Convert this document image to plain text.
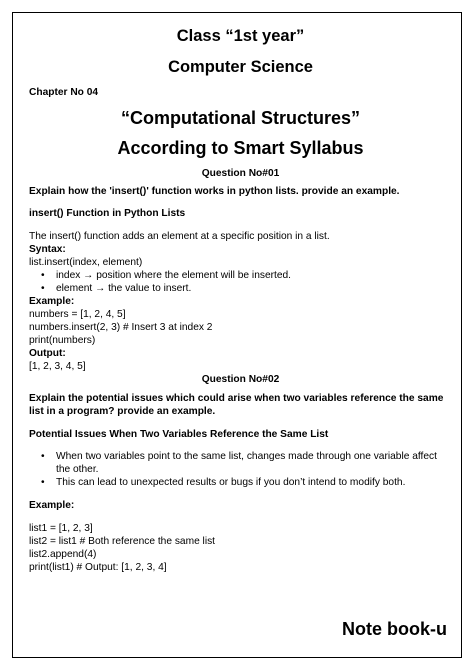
Class “1st year”
Computer Science
Chapter No 04
“Computational Structures”
According to Smart Syllabus
Question No#01

Explain how the 'insert()' function works in python lists. provide an example.

insert() Function in Python Lists

The insert() function adds an element at a specific position in a list.

Syntax:

list.insert(index, element)

• index → position where the element will be inserted.
• element → the value to insert.

Example:

numbers = [1, 2, 4, 5]
numbers.insert(2, 3) # Insert 3 at index 2
print(numbers)

Output:

[1, 2, 3, 4, 5]

Question No#02

Explain the potential issues which could arise when two variables reference the same list in a program? provide an example.

Potential Issues When Two Variables Reference the Same List

• When two variables point to the same list, changes made through one variable affect the other.
• This can lead to unexpected results or bugs if you don’t intend to modify both.

Example:

list1 = [1, 2, 3]
list2 = list1 # Both reference the same list
list2.append(4)
print(list1) # Output: [1, 2, 3, 4]
Note book-u
